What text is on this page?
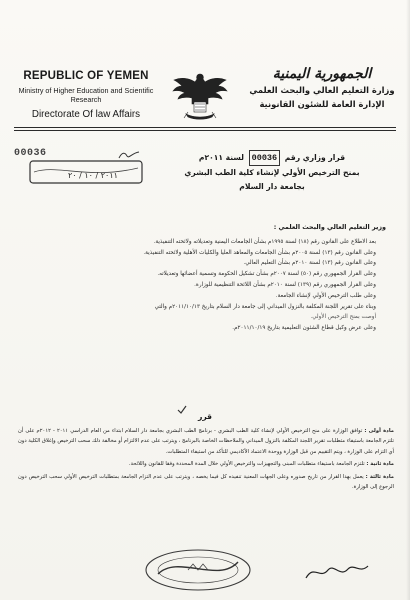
REPUBLIC OF YEMEN
Ministry of Higher Education and Scientific Research
Directorate Of law Affairs
الجمهورية اليمنية
وزارة التعليم العالي والبحث العلمي
الإدارة العامة للشئون القانونية
00036
٢٠١١ / ١٠ / ٢٠
قرار وزاري رقم 00036 لسنة ٢٠١١م
بمنح الترخيص الأولي لإنشاء كلية الطب البشري
بجامعة دار السلام
وزير التعليم العالي والبحث العلمي :
بعد الاطلاع على القانون رقم (١٨) لسنة ١٩٩٥م بشأن الجامعات اليمنية وتعديلاته ولائحته التنفيذية.
وعلى القانون رقم (١٣) لسنة ٢٠٠٥م بشأن الجامعات والمعاهد العليا والكليات الأهلية ولائحته التنفيذية.
وعلى القانون رقم (١٣) لسنة ٢٠١٠م بشأن التعليم العالي.
وعلى القرار الجمهوري رقم (٥٠) لسنة ٢٠٠٧م بشأن تشكيل الحكومة وتسمية أعضائها وتعديلاته.
وعلى القرار الجمهوري رقم (١٣٩) لسنة ٢٠١٠م بشأن اللائحة التنظيمية للوزارة.
وعلى طلب الترخيص الأولي لإنشاء الجامعة.
وبناء على تقرير اللجنة المكلفة بالنزول الميداني إلى جامعة دار السلام بتاريخ ٢٠١١/١٠/١٣م والتي
أوصت بمنح الترخيص الأولي.
وعلى عرض وكيل قطاع الشئون التعليمية بتاريخ ٢٠١١/١٠/١٩م.
قرر
مادة أولى : توافق الوزارة على منح الترخيص الأولي لإنشاء كلية الطب البشري - برنامج الطب البشري بجامعة دار السلام ابتداء من العام الدراسي ٢٠١١ - ٢٠١٢م على أن تلتزم الجامعة باستيفاء متطلبات تقرير اللجنة المكلفة بالنزول الميداني والملاحظات الخاصة بالبرنامج ، ويترتب على عدم الالتزام أو مخالفة ذلك سحب الترخيص وإغلاق الكلية دون أي التزام على الوزارة ، ويتم التقييم من قبل الوزارة ووحدة الاعتماد الأكاديمي للتأكد من استيفاء المتطلبات.
مادة ثانية : تلتزم الجامعة باستيفاء متطلبات المبنى والتجهيزات والترخيص الأولي خلال المدة المحددة وفقا للقانون واللائحة.
مادة ثالثة : يعمل بهذا القرار من تاريخ صدوره وعلى الجهات المعنية تنفيذه كل فيما يخصه ، ويترتب على عدم التزام الجامعة بمتطلبات الترخيص الأولي سحب الترخيص دون الرجوع إلى الوزارة.
